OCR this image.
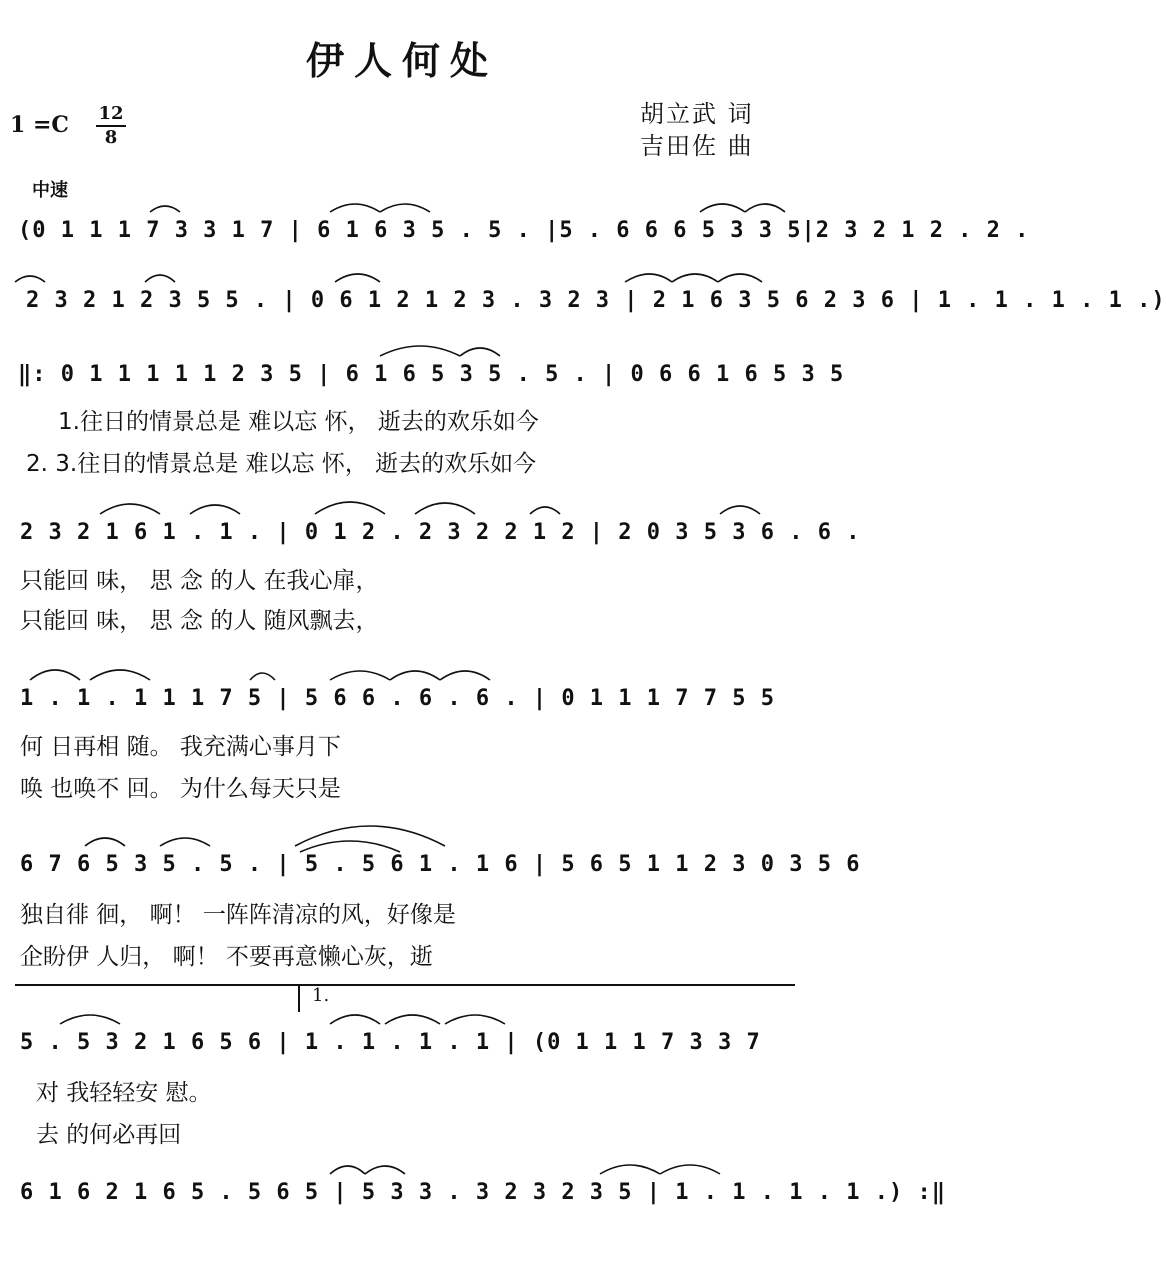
伊人何处
1 =C 12
8
胡立武 词
吉田佐 曲
中速
(0 1 1 1 7 3 3 1 7 | 6 1 6 3 5 . 5 . |5 . 6 6 6 5 3 3 5|2 3 2 1 2 . 2 .
2 3 2 1 2 3 5 5 . | 0 6 1 2 1 2 3 . 3 2 3 | 2 1 6 3 5 6 2 3 6 | 1 . 1 . 1 . 1 .)
‖: 0 1 1 1 1 1 2 3 5 | 6 1 6 5 3 5 . 5 . | 0 6 6 1 6 5 3 5
1.往日的情景总是 难以忘 怀， 逝去的欢乐如今
2. 3.往日的情景总是 难以忘 怀， 逝去的欢乐如今
2 3 2 1 6 1 . 1 . | 0 1 2 . 2 3 2 2 1 2 | 2 0 3 5 3 6 . 6 .
只能回 味， 思 念 的人 在我心扉，
只能回 味， 思 念 的人 随风飘去，
1 . 1 . 1 1 1 7 5 | 5 6 6 . 6 . 6 . | 0 1 1 1 7 7 5 5
何 日再相 随。 我充满心事月下
唤 也唤不 回。 为什么每天只是
6 7 6 5 3 5 . 5 . | 5 . 5 6 1 . 1 6 | 5 6 5 1 1 2 3 0 3 5 6
独自徘 徊， 啊！ 一阵阵清凉的风，好像是
企盼伊 人归， 啊！ 不要再意懒心灰，逝
1.
5 . 5 3 2 1 6 5 6 | 1 . 1 . 1 . 1 | (0 1 1 1 7 3 3 7
对 我轻轻安 慰。
去 的何必再回
6 1 6 2 1 6 5 . 5 6 5 | 5 3 3 . 3 2 3 2 3 5 | 1 . 1 . 1 . 1 .) :‖
